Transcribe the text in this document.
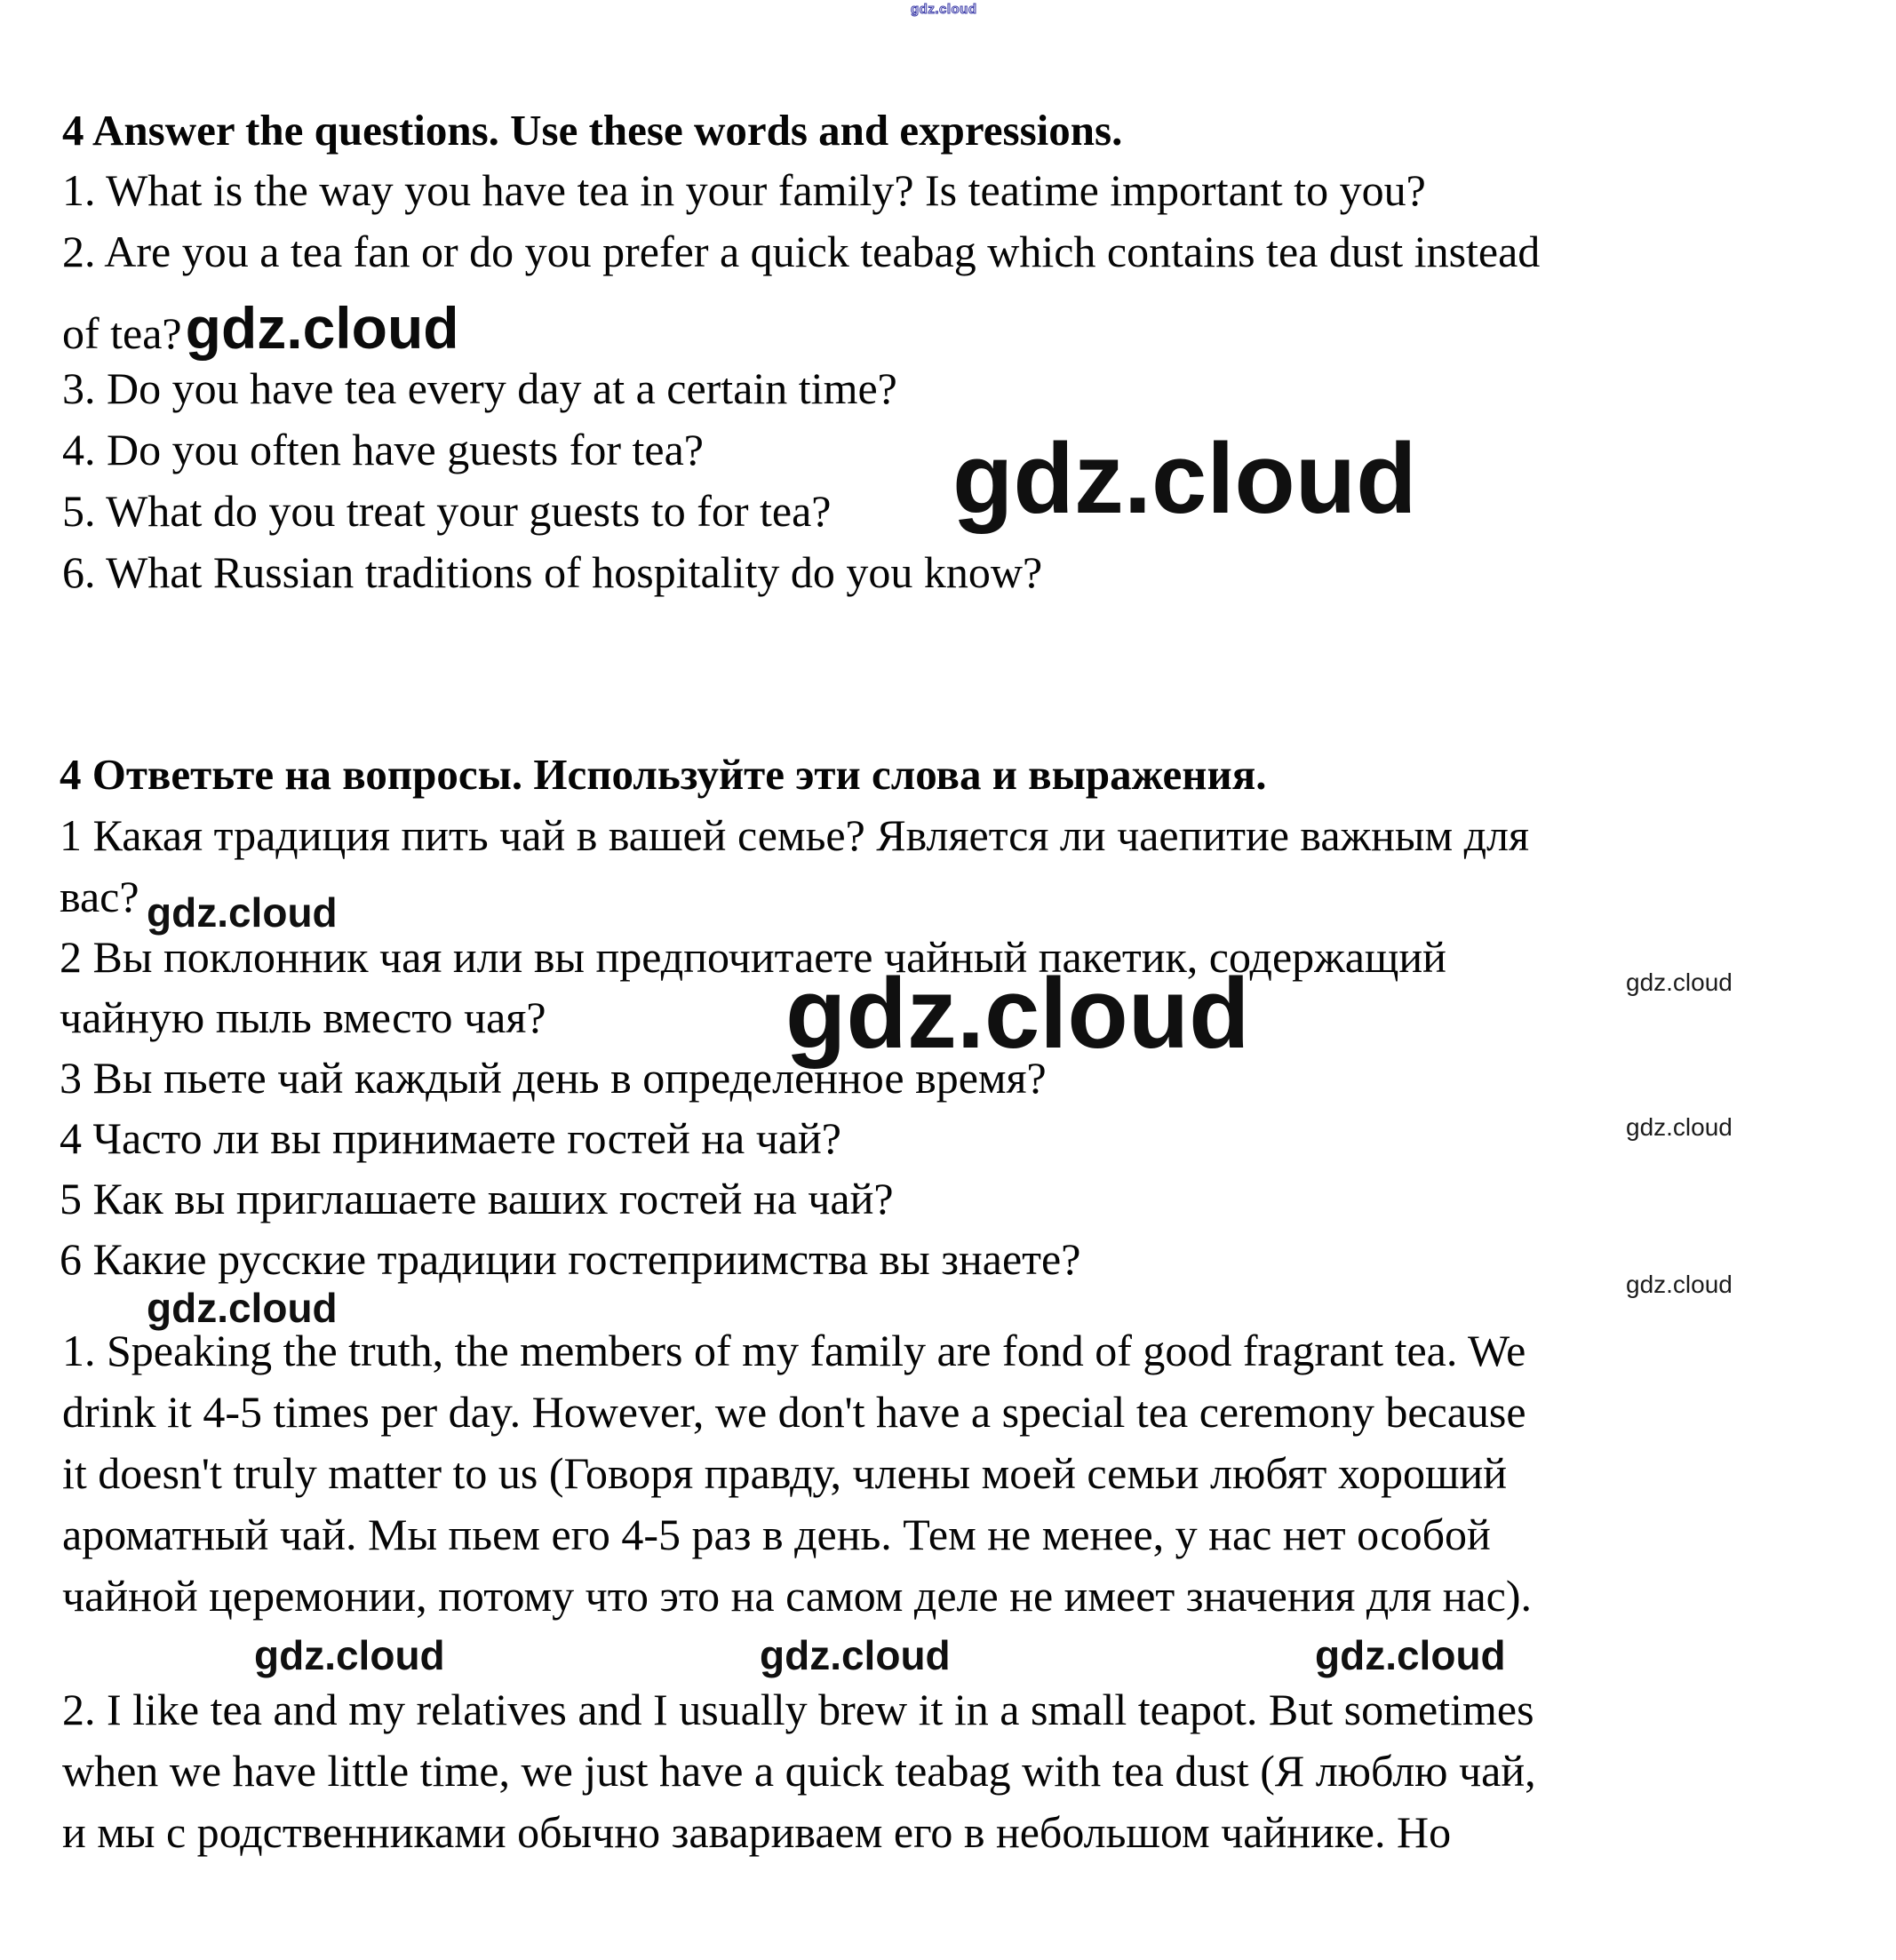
gdz.cloud
4 Answer the questions. Use these words and expressions.
1. What is the way you have tea in your family? Is teatime important to you?
2. Are you a tea fan or do you prefer a quick teabag which contains tea dust instead
of tea? gdz.cloud
3. Do you have tea every day at a certain time?
4. Do you often have guests for tea?
5. What do you treat your guests to for tea?
6. What Russian traditions of hospitality do you know?
gdz.cloud
4 Ответьте на вопросы. Используйте эти слова и выражения.
1 Какая традиция пить чай в вашей семье? Является ли чаепитие важным для
вас? gdz.cloud
2 Вы поклонник чая или вы предпочитаете чайный пакетик, содержащий
gdz.cloud
чайную пыль вместо чая? gdz.cloud
3 Вы пьете чай каждый день в определенное время?
4 Часто ли вы принимаете гостей на чай?	gdz.cloud
5 Как вы приглашаете ваших гостей на чай?
6 Какие русские традиции гостеприимства вы знаете?
gdz.cloud
gdz.cloud
1. Speaking the truth, the members of my family are fond of good fragrant tea. We
drink it 4-5 times per day. However, we don't have a special tea ceremony because
it doesn't truly matter to us (Говоря правду, члены моей семьи любят хороший
ароматный чай. Мы пьем его 4-5 раз в день. Тем не менее, у нас нет особой
чайной церемонии, потому что это на самом деле не имеет значения для нас).
gdz.cloud	gdz.cloud	gdz.cloud
2. I like tea and my relatives and I usually brew it in a small teapot. But sometimes
when we have little time, we just have a quick teabag with tea dust (Я люблю чай,
и мы с родственниками обычно завариваем его в небольшом чайнике. Но
